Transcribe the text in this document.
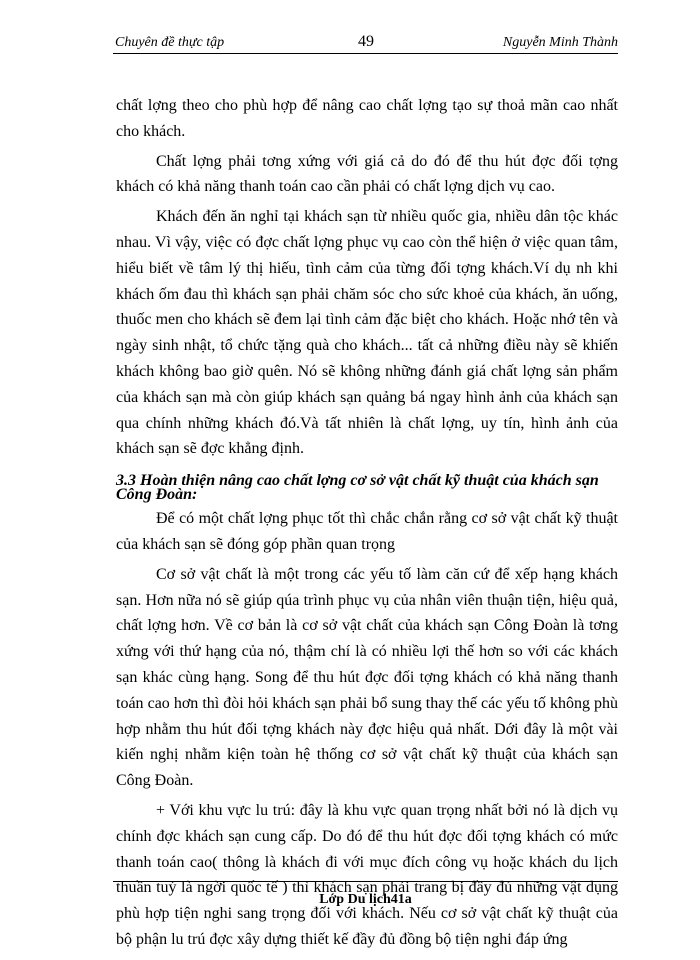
Chuyên đề thực tập	49	Nguyễn Minh Thành

chất lợng theo cho phù hợp để nâng cao chất lợng tạo sự thoả mãn cao nhất cho khách.

Chất lợng phải tơng xứng với giá cả do đó để thu hút đợc đối tợng khách có khả năng thanh toán cao cần phải có chất lợng dịch vụ cao.

Khách đến ăn nghỉ tại khách sạn từ nhiều quốc gia, nhiều dân tộc khác nhau. Vì vậy, việc có đợc chất lợng phục vụ cao còn thể hiện ở việc quan tâm, hiểu biết về tâm lý thị hiếu, tình cảm của từng đối tợng khách.Ví dụ nh khi khách ốm đau thì khách sạn phải chăm sóc cho sức khoẻ của khách, ăn uống, thuốc men cho khách sẽ đem lại tình cảm đặc biệt cho khách. Hoặc nhớ tên và ngày sinh nhật, tổ chức tặng quà cho khách... tất cả những điều này sẽ khiến khách không bao giờ quên. Nó sẽ không những đánh giá chất lợng sản phẩm của khách sạn mà còn giúp khách sạn quảng bá ngay hình ảnh của khách sạn qua chính những khách đó.Và tất nhiên là chất lợng, uy tín, hình ảnh của khách sạn sẽ đợc khẳng định.

3.3 Hoàn thiện nâng cao chất lợng cơ sở vật chất kỹ thuật của khách sạn Công Đoàn:

Để có một chất lợng phục tốt thì chắc chắn rằng cơ sở vật chất kỹ thuật của khách sạn sẽ đóng góp phần quan trọng

Cơ sở vật chất là một trong các yếu tố làm căn cứ để xếp hạng khách sạn. Hơn nữa nó sẽ giúp qúa trình phục vụ của nhân viên thuận tiện, hiệu quả, chất lợng hơn. Về cơ bản là cơ sở vật chất của khách sạn Công Đoàn là tơng xứng với thứ hạng của nó, thậm chí là có nhiều lợi thế hơn so với các khách sạn khác cùng hạng. Song để thu hút đợc đối tợng khách có khả năng thanh toán cao hơn thì đòi hỏi khách sạn phải bổ sung thay thế các yếu tố không phù hợp nhằm thu hút đối tợng khách này đợc hiệu quả nhất. Dới đây là một vài kiến nghị nhằm kiện toàn hệ thống cơ sở vật chất kỹ thuật của khách sạn Công Đoàn.

+ Với khu vực lu trú: đây là khu vực quan trọng nhất bởi nó là dịch vụ chính đợc khách sạn cung cấp. Do đó để thu hút đợc đối tợng khách có mức thanh toán cao( thông là khách đi với mục đích công vụ hoặc khách du lịch thuần tuý là ngời quốc tế ) thì khách sạn phải trang bị đầy đủ những vật dụng phù hợp tiện nghi sang trọng đối với khách. Nếu cơ sở vật chất kỹ thuật của bộ phận lu trú đợc xây dựng thiết kế đầy đủ đồng bộ tiện nghi đáp ứng

Lớp Du lịch41a
